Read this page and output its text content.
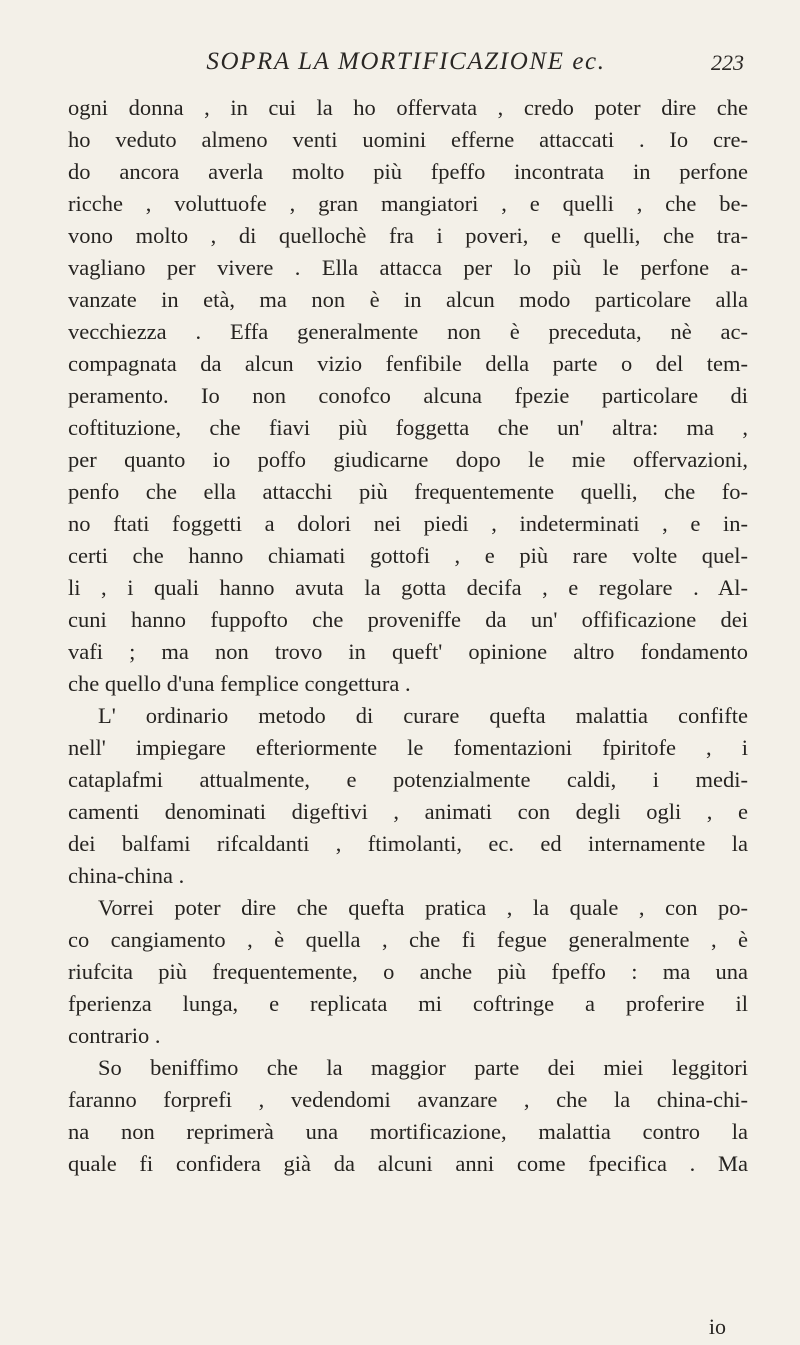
SOPRA LA MORTIFICAZIONE ec.	223
ogni donna , in cui la ho offervata , credo poter dire che
ho veduto almeno venti uomini efferne attaccati . Io cre-
do ancora averla molto più fpeffo incontrata in perfone
ricche , voluttuofe , gran mangiatori , e quelli , che be-
vono molto , di quellochè fra i poveri, e quelli, che tra-
vagliano per vivere . Ella attacca per lo più le perfone a-
vanzate in età, ma non è in alcun modo particolare alla
vecchiezza . Effa generalmente non è preceduta, nè ac-
compagnata da alcun vizio fenfibile della parte o del tem-
peramento. Io non conofco alcuna fpezie particolare di
coftituzione, che fiavi più foggetta che un' altra: ma ,
per quanto io poffo giudicarne dopo le mie offervazioni,
penfo che ella attacchi più frequentemente quelli, che fo-
no ftati foggetti a dolori nei piedi , indeterminati , e in-
certi che hanno chiamati gottofi , e più rare volte quel-
li , i quali hanno avuta la gotta decifa , e regolare . Al-
cuni hanno fuppofto che proveniffe da un' offificazione dei
vafi ; ma non trovo in queft' opinione altro fondamento
che quello d'una femplice congettura .
L' ordinario metodo di curare quefta malattia confifte
nell' impiegare efteriormente le fomentazioni fpiritofe , i
cataplafmi attualmente, e potenzialmente caldi, i medi-
camenti denominati digeftivi , animati con degli ogli , e
dei balfami rifcaldanti , ftimolanti, ec. ed internamente la
china-china .
Vorrei poter dire che quefta pratica , la quale , con po-
co cangiamento , è quella , che fi fegue generalmente , è
riufcita più frequentemente, o anche più fpeffo : ma una
fperienza lunga, e replicata mi coftringe a proferire il
contrario .
So beniffimo che la maggior parte dei miei leggitori
faranno forprefi , vedendomi avanzare , che la china-chi-
na non reprimerà una mortificazione, malattia contro la
quale fi confidera già da alcuni anni come fpecifica . Ma
io
